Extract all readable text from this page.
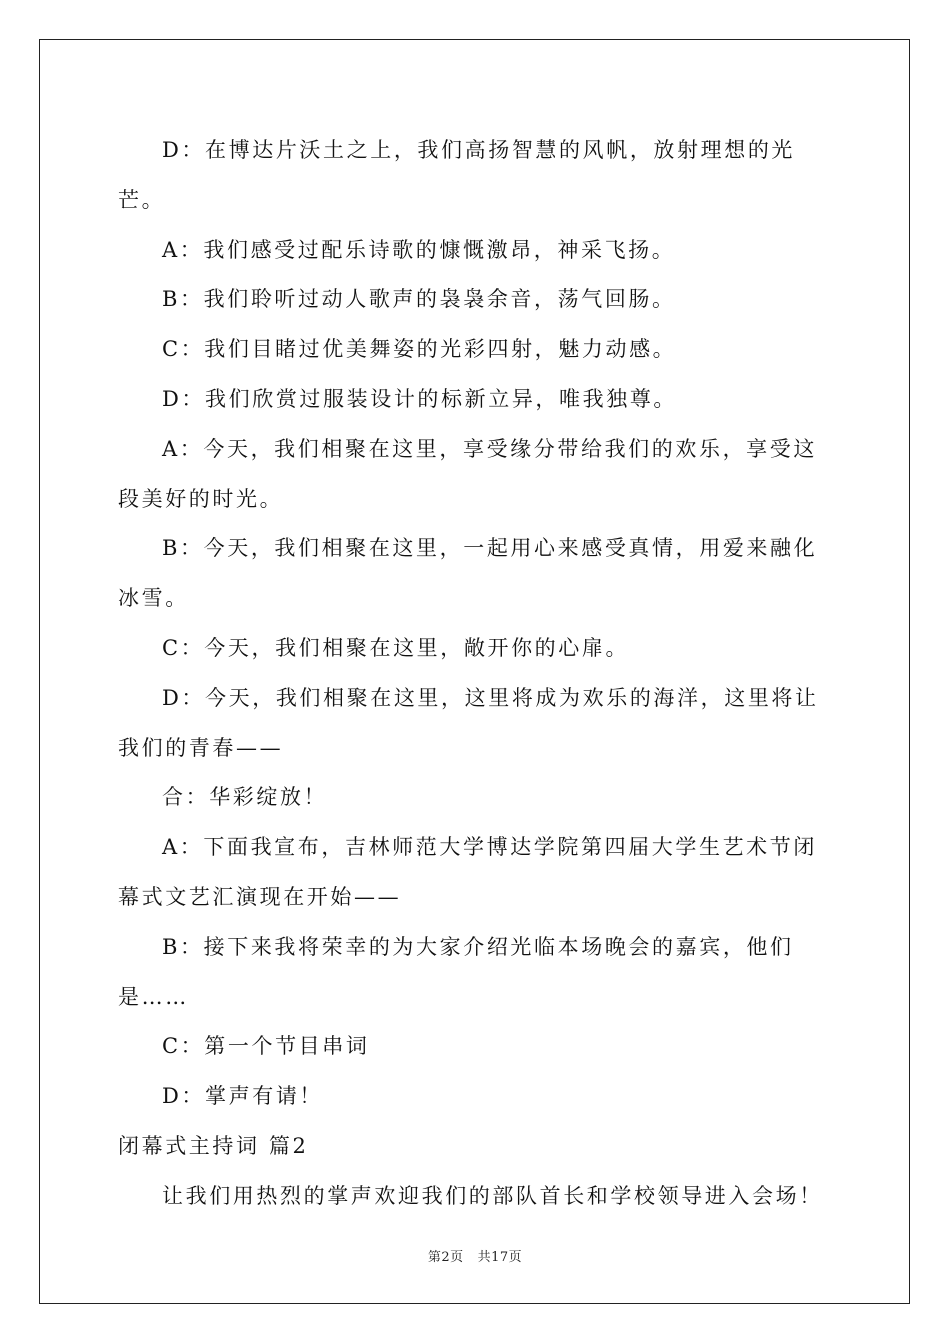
D：在博达片沃土之上，我们高扬智慧的风帆，放射理想的光芒。

A：我们感受过配乐诗歌的慷慨激昂，神采飞扬。

B：我们聆听过动人歌声的袅袅余音，荡气回肠。

C：我们目睹过优美舞姿的光彩四射，魅力动感。

D：我们欣赏过服装设计的标新立异，唯我独尊。

A：今天，我们相聚在这里，享受缘分带给我们的欢乐，享受这段美好的时光。

B：今天，我们相聚在这里，一起用心来感受真情，用爱来融化冰雪。

C：今天，我们相聚在这里，敞开你的心扉。

D：今天，我们相聚在这里，这里将成为欢乐的海洋，这里将让我们的青春——

合：华彩绽放！

A：下面我宣布，吉林师范大学博达学院第四届大学生艺术节闭幕式文艺汇演现在开始——

B：接下来我将荣幸的为大家介绍光临本场晚会的嘉宾，他们是……

C：第一个节目串词

D：掌声有请！

闭幕式主持词 篇2

让我们用热烈的掌声欢迎我们的部队首长和学校领导进入会场！

第2页 共17页
